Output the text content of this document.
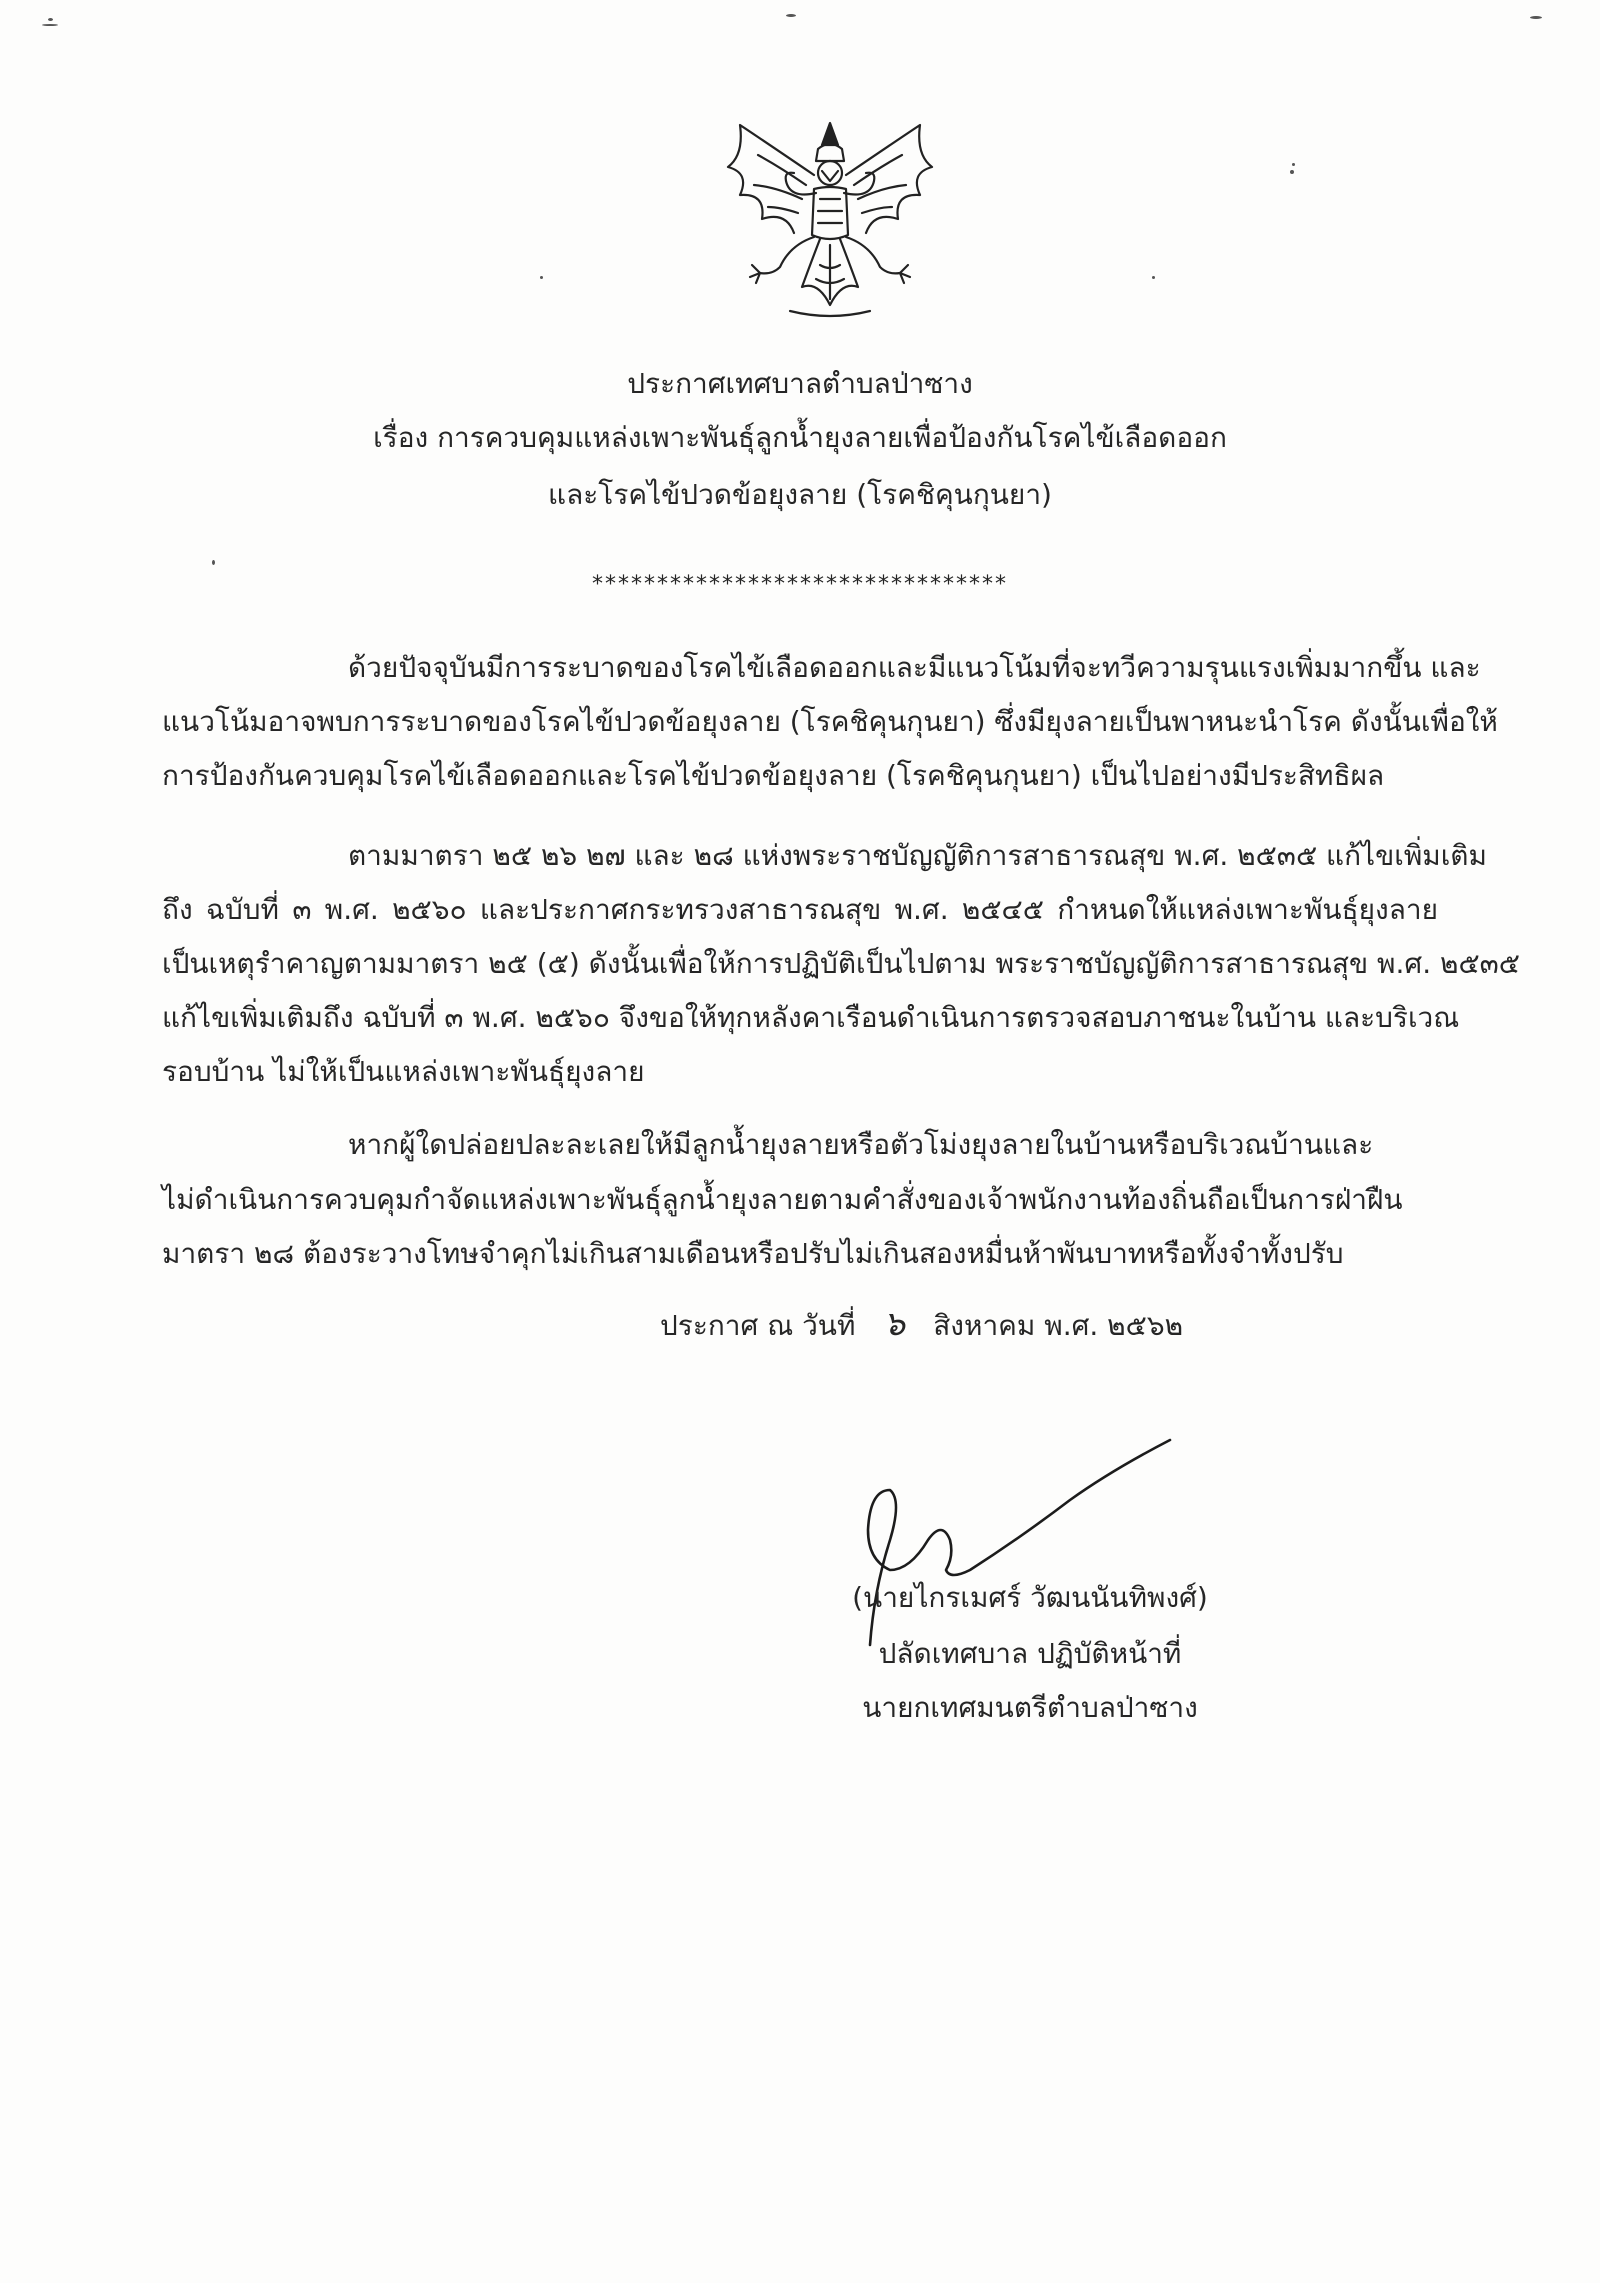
ประกาศเทศบาลตำบลป่าซาง
เรื่อง การควบคุมแหล่งเพาะพันธุ์ลูกน้ำยุงลายเพื่อป้องกันโรคไข้เลือดออก
และโรคไข้ปวดข้อยุงลาย (โรคชิคุนกุนยา)
********************************
ด้วยปัจจุบันมีการระบาดของโรคไข้เลือดออกและมีแนวโน้มที่จะทวีความรุนแรงเพิ่มมากขึ้น และ
แนวโน้มอาจพบการระบาดของโรคไข้ปวดข้อยุงลาย (โรคชิคุนกุนยา) ซึ่งมียุงลายเป็นพาหนะนำโรค ดังนั้นเพื่อให้
การป้องกันควบคุมโรคไข้เลือดออกและโรคไข้ปวดข้อยุงลาย (โรคชิคุนกุนยา) เป็นไปอย่างมีประสิทธิผล
ตามมาตรา ๒๕ ๒๖ ๒๗ และ ๒๘ แห่งพระราชบัญญัติการสาธารณสุข พ.ศ. ๒๕๓๕ แก้ไขเพิ่มเติม
ถึง ฉบับที่ ๓ พ.ศ. ๒๕๖๐ และประกาศกระทรวงสาธารณสุข พ.ศ. ๒๕๔๕ กำหนดให้แหล่งเพาะพันธุ์ยุงลาย
เป็นเหตุรำคาญตามมาตรา ๒๕ (๕) ดังนั้นเพื่อให้การปฏิบัติเป็นไปตาม พระราชบัญญัติการสาธารณสุข พ.ศ. ๒๕๓๕
แก้ไขเพิ่มเติมถึง ฉบับที่ ๓ พ.ศ. ๒๕๖๐ จึงขอให้ทุกหลังคาเรือนดำเนินการตรวจสอบภาชนะในบ้าน และบริเวณ
รอบบ้าน ไม่ให้เป็นแหล่งเพาะพันธุ์ยุงลาย
หากผู้ใดปล่อยปละละเลยให้มีลูกน้ำยุงลายหรือตัวโม่งยุงลายในบ้านหรือบริเวณบ้านและ
ไม่ดำเนินการควบคุมกำจัดแหล่งเพาะพันธุ์ลูกน้ำยุงลายตามคำสั่งของเจ้าพนักงานท้องถิ่นถือเป็นการฝ่าฝืน
มาตรา ๒๘ ต้องระวางโทษจำคุกไม่เกินสามเดือนหรือปรับไม่เกินสองหมื่นห้าพันบาทหรือทั้งจำทั้งปรับ
ประกาศ ณ วันที่ ๖ สิงหาคม พ.ศ. ๒๕๖๒
(นายไกรเมศร์ วัฒนนันทิพงศ์)
ปลัดเทศบาล ปฏิบัติหน้าที่
นายกเทศมนตรีตำบลป่าซาง
